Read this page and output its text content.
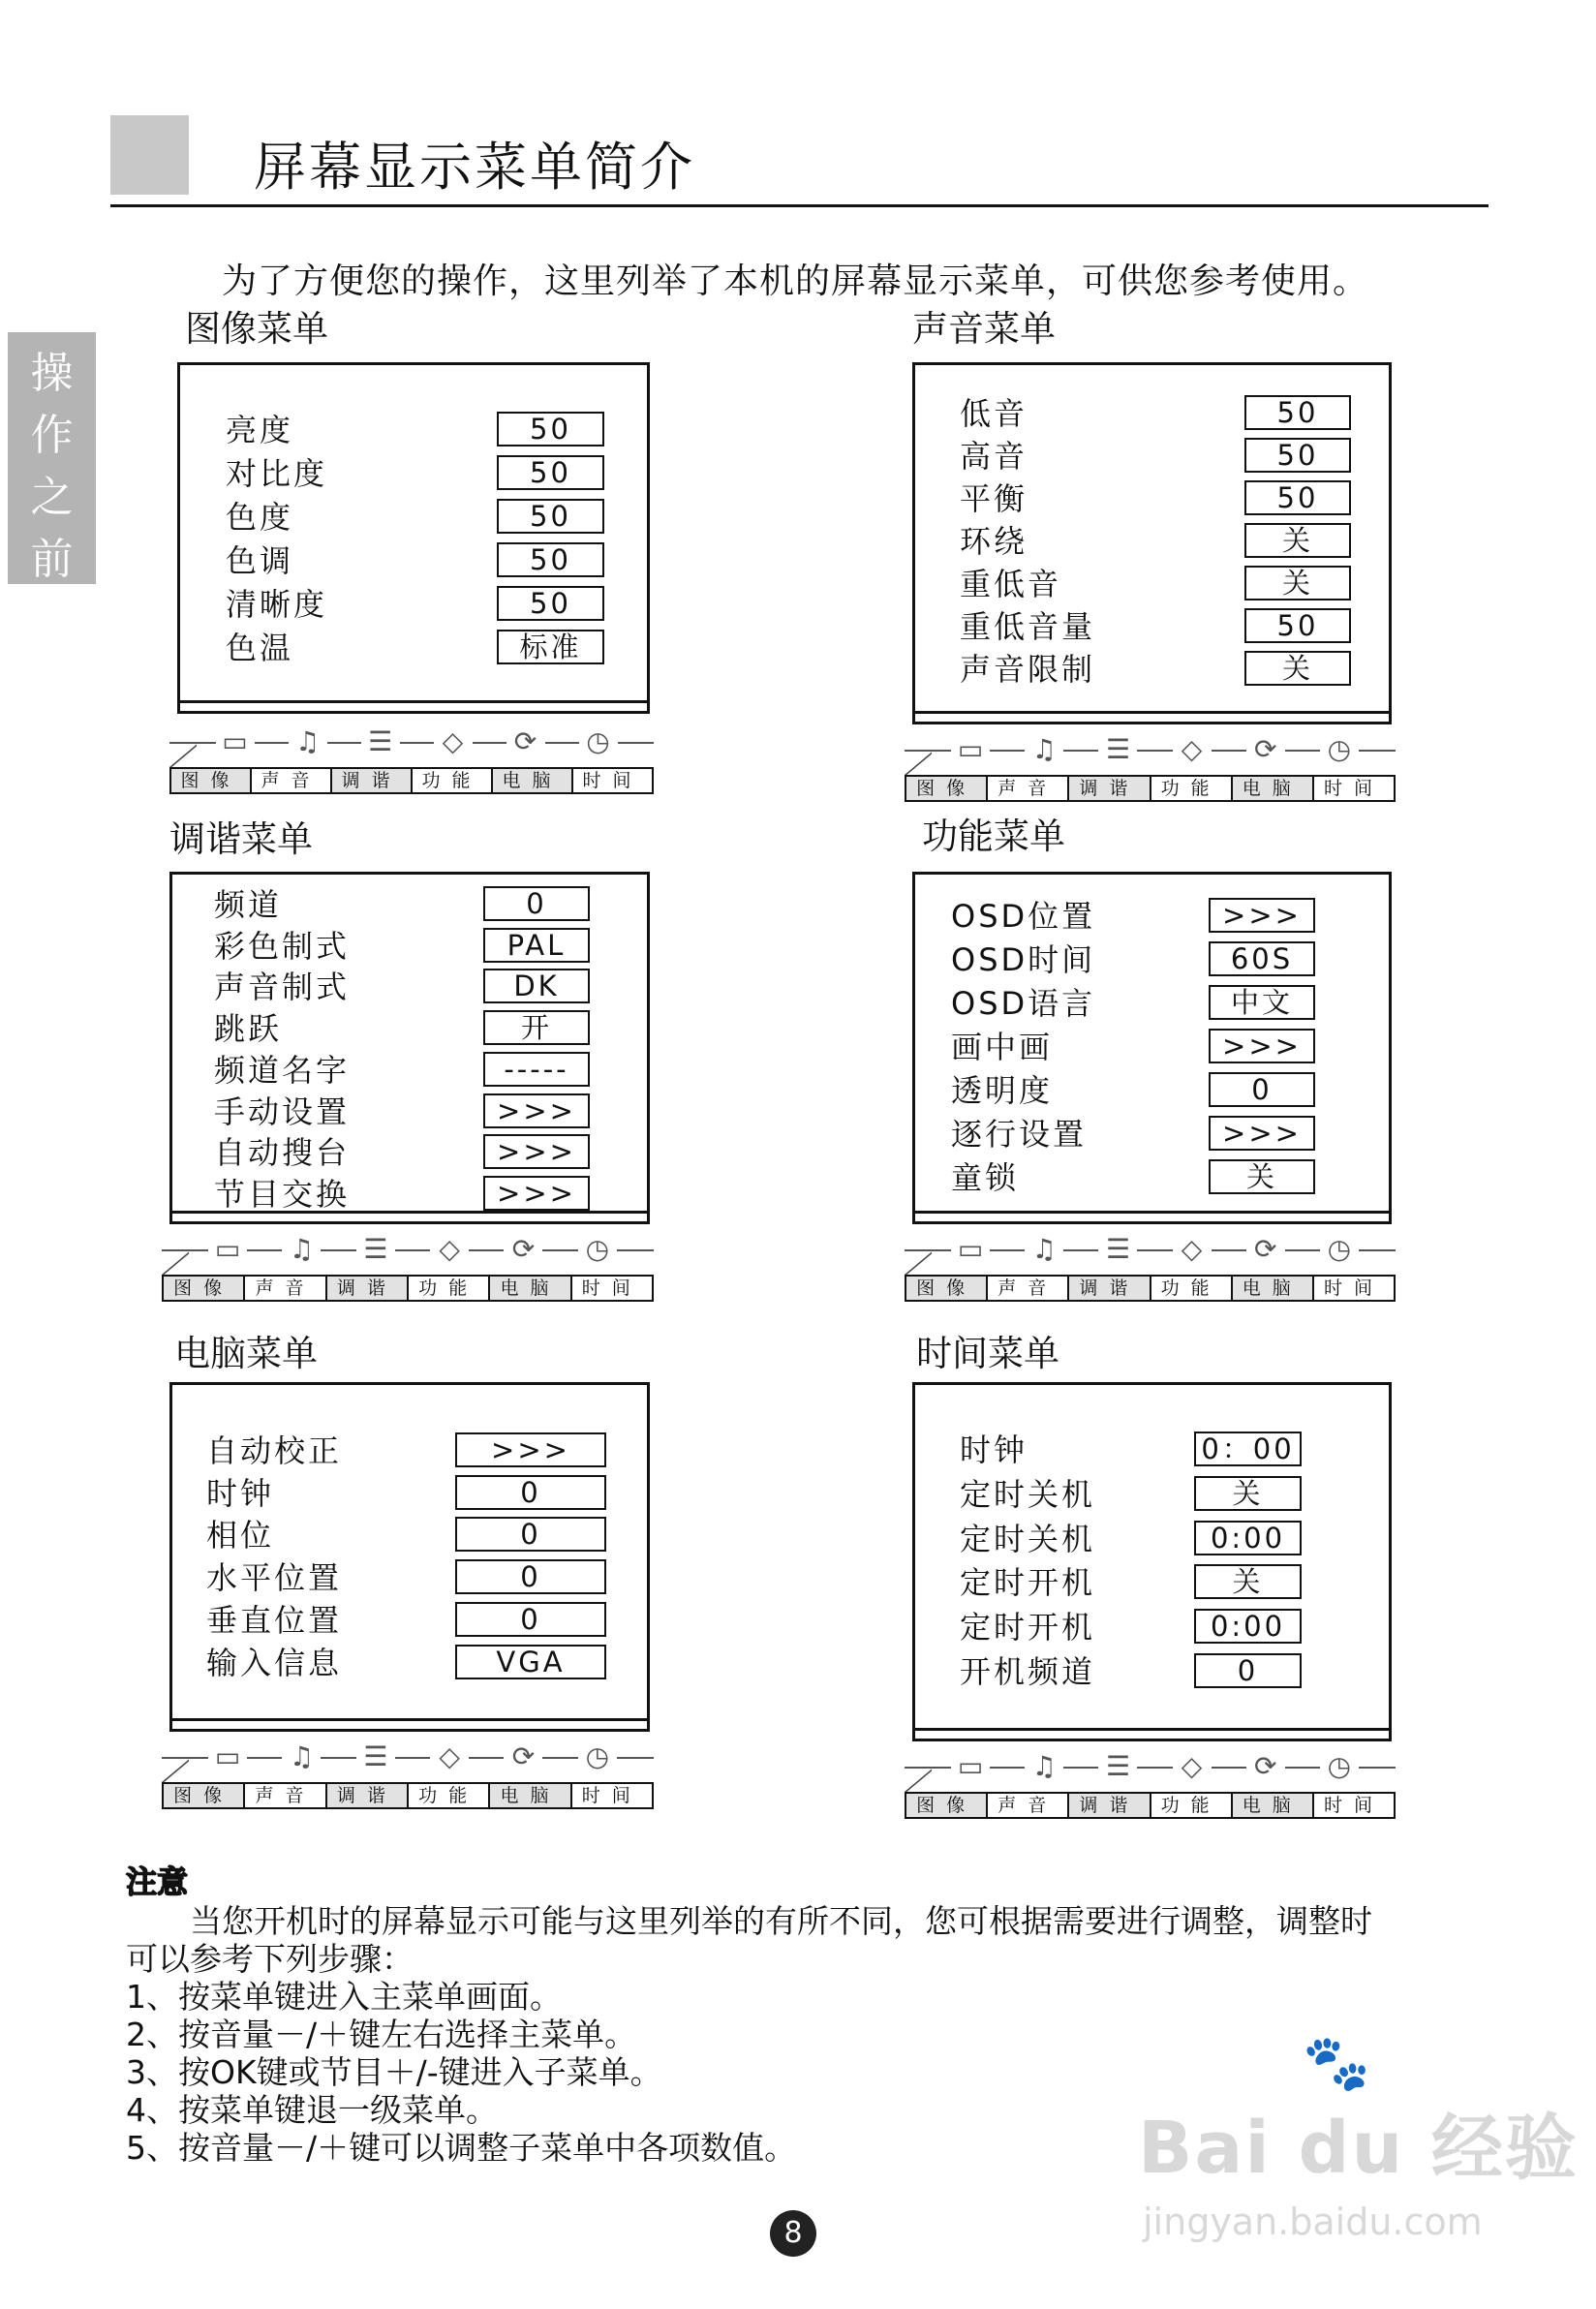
屏幕显示菜单简介
操
作
之
前
为了方便您的操作，这里列举了本机的屏幕显示菜单，可供您参考使用。
图像菜单
亮度	50
对比度	50
色度	50
色调	50
清晰度	50
色温	标准
▭ ♫ ☰	◇	⟳ ◷
图像	声音	调谐	功能	电脑	时间
声音菜单
低音	50
高音	50
平衡	50
环绕	关
重低音	关
重低音量	50
声音限制	关
▭ ♫ ☰	◇	⟳ ◷
图像	声音	调谐	功能	电脑	时间
调谐菜单
频道	0
彩色制式	PAL
声音制式	DK
跳跃	开
频道名字	-----
手动设置	>>>
自动搜台	>>>
节目交换	>>>
▭ ♫ ☰	◇	⟳ ◷
图像	声音	调谐	功能	电脑	时间
功能菜单
OSD位置	>>>
OSD时间	60S
OSD语言	中文
画中画	>>>
透明度	0
逐行设置	>>>
童锁	关
▭ ♫ ☰	◇	⟳ ◷
图像	声音	调谐	功能	电脑	时间
电脑菜单
自动校正	>>>
时钟	0
相位	0
水平位置	0
垂直位置	0
输入信息	VGA
▭ ♫ ☰	◇	⟳ ◷
图像	声音	调谐	功能	电脑	时间
时间菜单
时钟	0：00
定时关机	关
定时关机	0:00
定时开机	关
定时开机	0:00
开机频道	0
▭ ♫ ☰	◇	⟳ ◷
图像	声音	调谐	功能	电脑	时间
注意
　　当您开机时的屏幕显示可能与这里列举的有所不同，您可根据需要进行调整，调整时
可以参考下列步骤：
1、按菜单键进入主菜单画面。
2、按音量－/＋键左右选择主菜单。
3、按OK键或节目＋/-键进入子菜单。
4、按菜单键退一级菜单。
5、按音量－/＋键可以调整子菜单中各项数值。
🐾
Bai du 经验
jingyan.baidu.com
8
